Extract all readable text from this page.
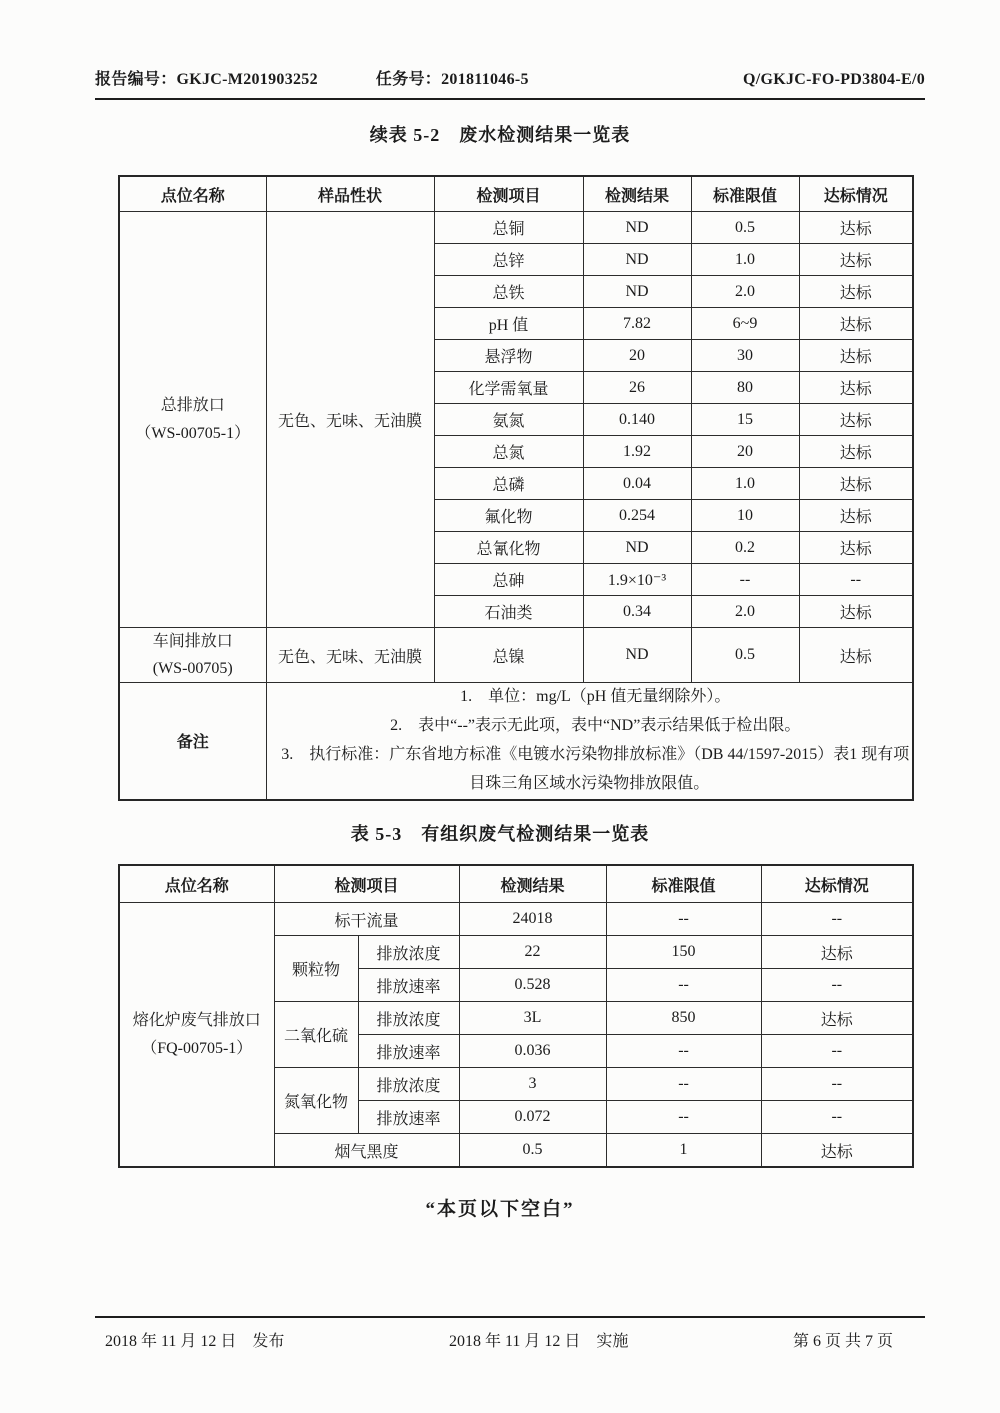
报告编号：GKJC-M201903252	任务号：201811046-5	Q/GKJC-FO-PD3804-E/0
续表 5-2　废水检测结果一览表
点位名称	样品性状	检测项目	检测结果	标准限值	达标情况

总排放口
（WS-00705-1）	无色、无味、无油膜	总铜	ND	0.5	达标
		总锌	ND	1.0	达标
		总铁	ND	2.0	达标
		pH 值	7.82	6~9	达标
		悬浮物	20	30	达标
		化学需氧量	26	80	达标
		氨氮	0.140	15	达标
		总氮	1.92	20	达标
		总磷	0.04	1.0	达标
		氟化物	0.254	10	达标
		总氰化物	ND	0.2	达标
		总砷	1.9×10⁻³	--	--
		石油类	0.34	2.0	达标

车间排放口
(WS-00705)	无色、无味、无油膜	总镍	ND	0.5	达标
备注	1.　单位：mg/L（pH 值无量纲除外）。

2.　表中“--”表示无此项，表中“ND”表示结果低于检出限。

3.　执行标准：广东省地方标准《电镀水污染物排放标准》（DB 44/1597-2015）表1 现有项目珠三角区域水污染物排放限值。				

表 5-3　有组织废气检测结果一览表
点位名称	检测项目		检测结果	标准限值	达标情况

熔化炉废气排放口
（FQ-00705-1）	标干流量		24018	--	--
	颗粒物	排放浓度	22	150	达标
		排放速率	0.528	--	--
	二氧化硫	排放浓度	3L	850	达标
		排放速率	0.036	--	--
	氮氧化物	排放浓度	3	--	--
		排放速率	0.072	--	--
	烟气黑度		0.5	1	达标
“本页以下空白”
2018 年 11 月 12 日　发布	2018 年 11 月 12 日　实施	第 6 页 共 7 页
